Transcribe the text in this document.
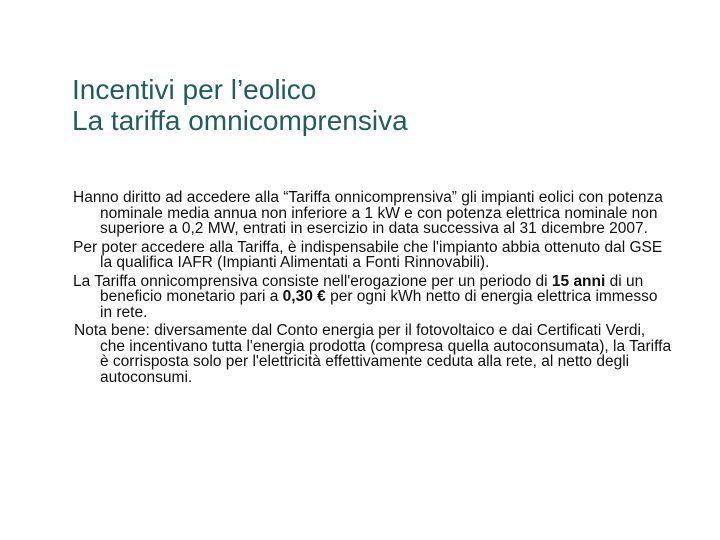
Incentivi per l’eolico
La tariffa omnicomprensiva

Hanno diritto ad accedere alla “Tariffa onnicomprensiva” gli impianti eolici con potenza nominale media annua non inferiore a 1 kW e con potenza elettrica nominale non superiore a 0,2 MW, entrati in esercizio in data successiva al 31 dicembre 2007.

Per poter accedere alla Tariffa, è indispensabile che l'impianto abbia ottenuto dal GSE la qualifica IAFR (Impianti Alimentati a Fonti Rinnovabili).

La Tariffa onnicomprensiva consiste nell'erogazione per un periodo di 15 anni di un beneficio monetario pari a 0,30 € per ogni kWh netto di energia elettrica immesso in rete.

Nota bene: diversamente dal Conto energia per il fotovoltaico e dai Certificati Verdi, che incentivano tutta l'energia prodotta (compresa quella autoconsumata), la Tariffa è corrisposta solo per l'elettricità effettivamente ceduta alla rete, al netto degli autoconsumi.
